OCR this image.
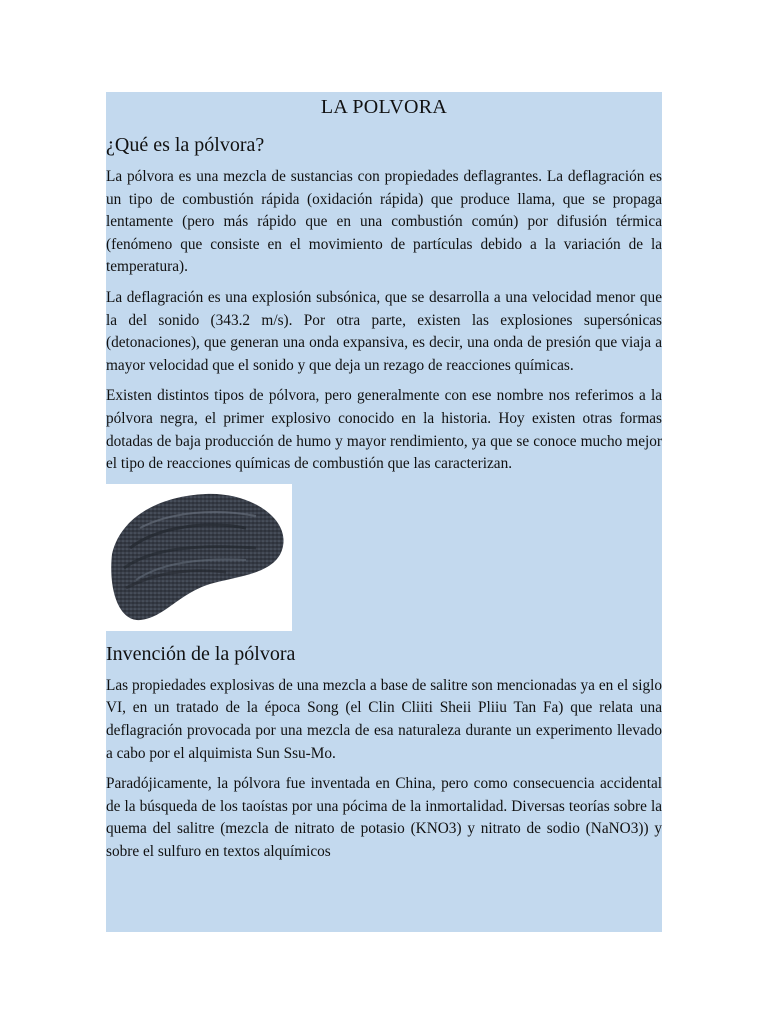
LA POLVORA
¿Qué es la pólvora?

La pólvora es una mezcla de sustancias con propiedades deflagrantes. La deflagración es un tipo de combustión rápida (oxidación rápida) que produce llama, que se propaga lentamente (pero más rápido que en una combustión común) por difusión térmica (fenómeno que consiste en el movimiento de partículas debido a la variación de la temperatura).

La deflagración es una explosión subsónica, que se desarrolla a una velocidad menor que la del sonido (343.2 m/s). Por otra parte, existen las explosiones supersónicas (detonaciones), que generan una onda expansiva, es decir, una onda de presión que viaja a mayor velocidad que el sonido y que deja un rezago de reacciones químicas.

Existen distintos tipos de pólvora, pero generalmente con ese nombre nos referimos a la pólvora negra, el primer explosivo conocido en la historia. Hoy existen otras formas dotadas de baja producción de humo y mayor rendimiento, ya que se conoce mucho mejor el tipo de reacciones químicas de combustión que las caracterizan.

Invención de la pólvora

Las propiedades explosivas de una mezcla a base de salitre son mencionadas ya en el siglo VI, en un tratado de la época Song (el Clin Cliiti Sheii Pliiu Tan Fa) que relata una deflagración provocada por una mezcla de esa naturaleza durante un experimento llevado a cabo por el alquimista Sun Ssu-Mo.

Paradójicamente, la pólvora fue inventada en China, pero como consecuencia accidental de la búsqueda de los taoístas por una pócima de la inmortalidad. Diversas teorías sobre la quema del salitre (mezcla de nitrato de potasio (KNO3) y nitrato de sodio (NaNO3)) y sobre el sulfuro en textos alquímicos
